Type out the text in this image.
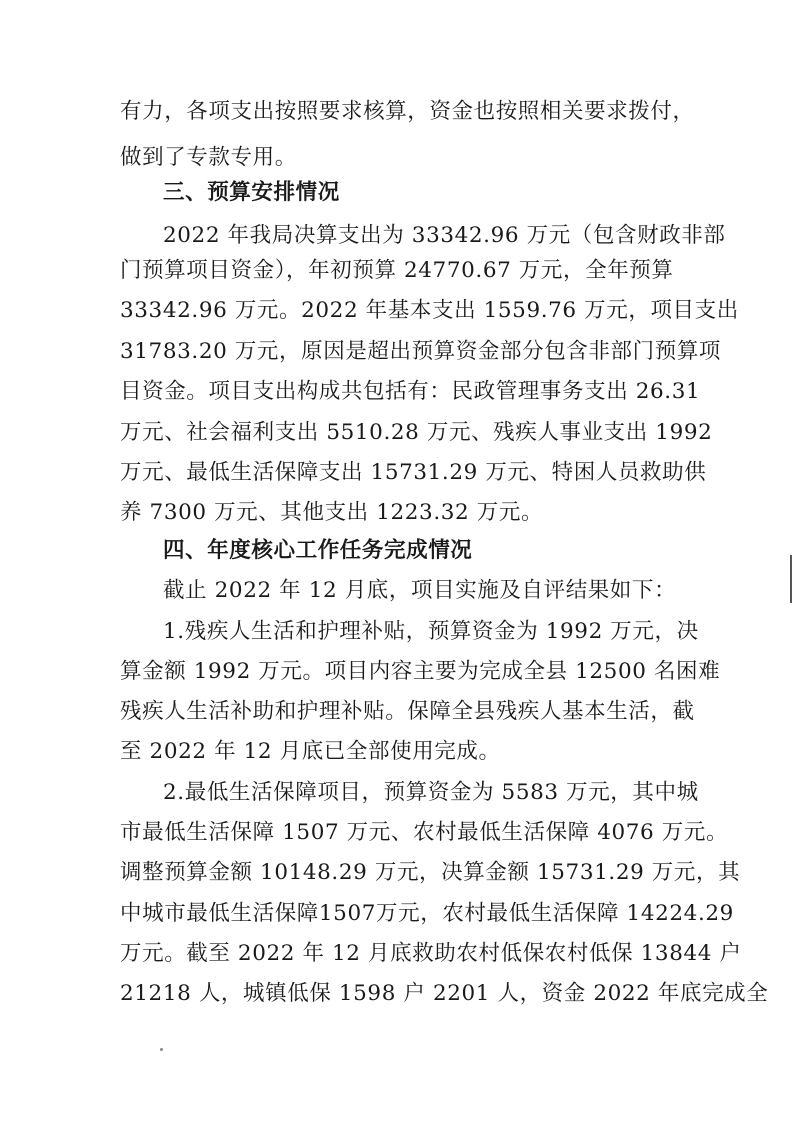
有力，各项支出按照要求核算，资金也按照相关要求拨付，
做到了专款专用。
三、预算安排情况
2022 年我局决算支出为 33342.96 万元（包含财政非部
门预算项目资金），年初预算 24770.67 万元，全年预算
33342.96 万元。2022 年基本支出 1559.76 万元，项目支出
31783.20 万元，原因是超出预算资金部分包含非部门预算项
目资金。项目支出构成共包括有：民政管理事务支出 26.31
万元、社会福利支出 5510.28 万元、残疾人事业支出 1992
万元、最低生活保障支出 15731.29 万元、特困人员救助供
养 7300 万元、其他支出 1223.32 万元。
四、年度核心工作任务完成情况
截止 2022 年 12 月底，项目实施及自评结果如下：
1.残疾人生活和护理补贴，预算资金为 1992 万元，决
算金额 1992 万元。项目内容主要为完成全县 12500 名困难
残疾人生活补助和护理补贴。保障全县残疾人基本生活，截
至 2022 年 12 月底已全部使用完成。
2.最低生活保障项目，预算资金为 5583 万元，其中城
市最低生活保障 1507 万元、农村最低生活保障 4076 万元。
调整预算金额 10148.29 万元，决算金额 15731.29 万元，其
中城市最低生活保障1507万元，农村最低生活保障 14224.29
万元。截至 2022 年 12 月底救助农村低保农村低保 13844 户
21218 人，城镇低保 1598 户 2201 人，资金 2022 年底完成全
